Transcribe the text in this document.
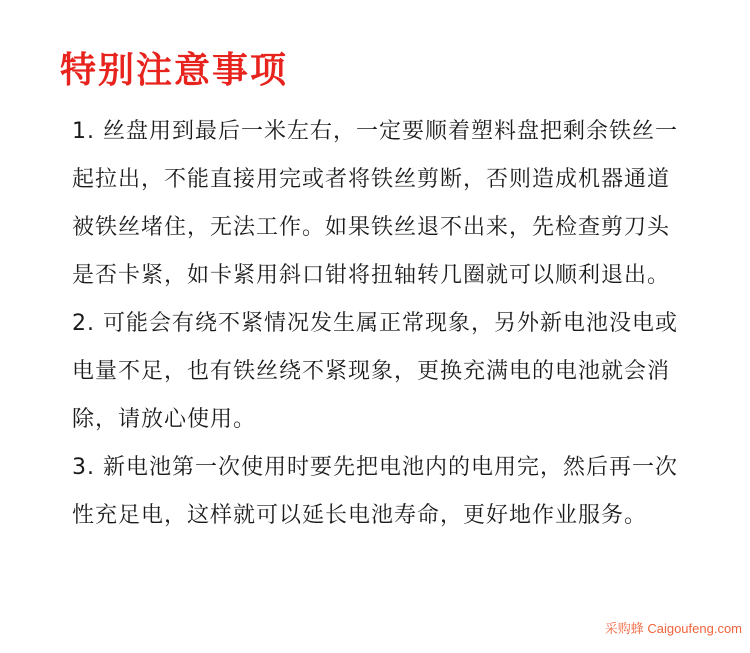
特别注意事项

1. 丝盘用到最后一米左右，一定要顺着塑料盘把剩余铁丝一起拉出，不能直接用完或者将铁丝剪断，否则造成机器通道被铁丝堵住，无法工作。如果铁丝退不出来，先检查剪刀头是否卡紧，如卡紧用斜口钳将扭轴转几圈就可以顺利退出。

2. 可能会有绕不紧情况发生属正常现象，另外新电池没电或电量不足，也有铁丝绕不紧现象，更换充满电的电池就会消除，请放心使用。

3. 新电池第一次使用时要先把电池内的电用完，然后再一次性充足电，这样就可以延长电池寿命，更好地作业服务。

采购蜂 Caigoufeng.com
